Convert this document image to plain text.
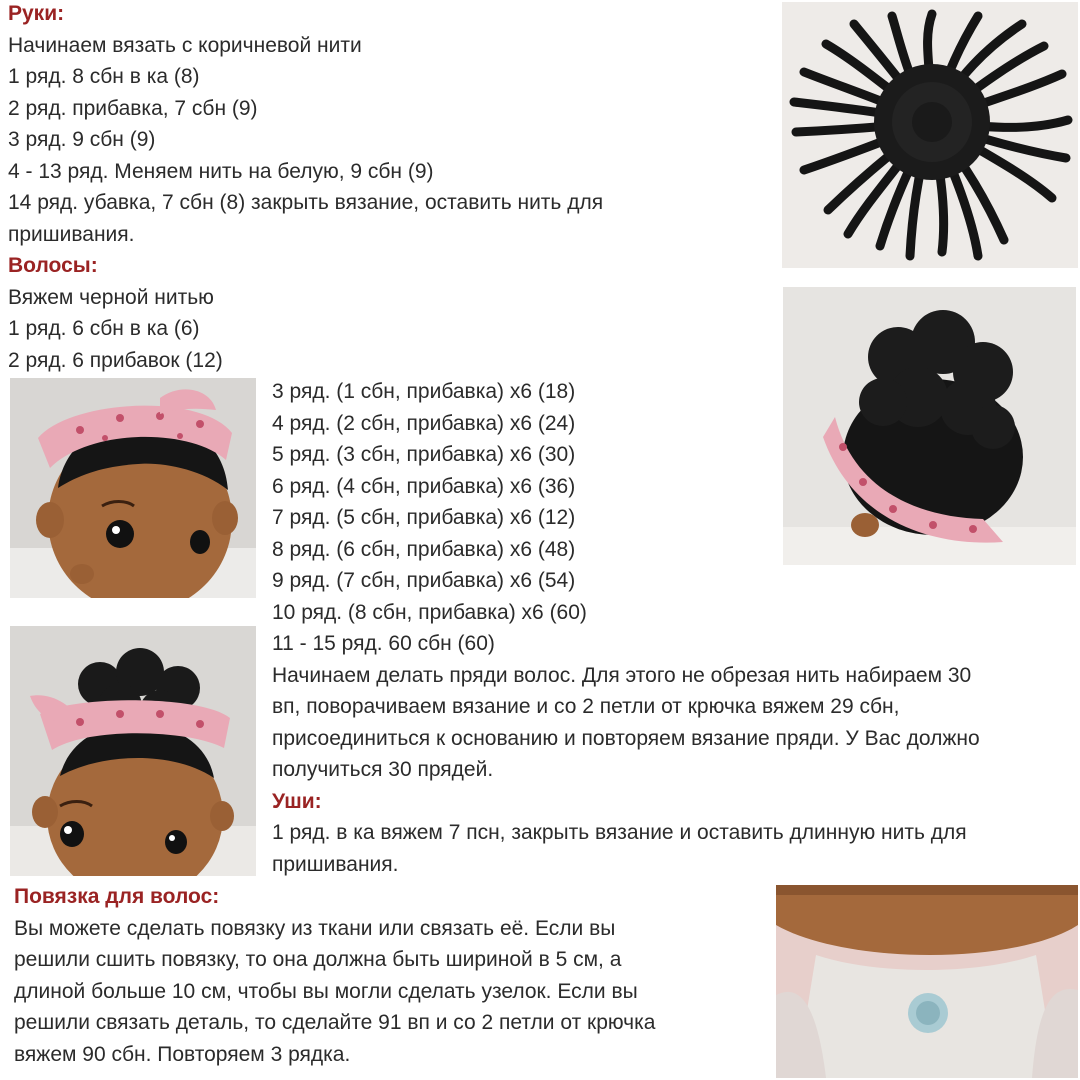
Руки:

Начинаем вязать с коричневой нити

1 ряд. 8 сбн в ка (8)

2 ряд. прибавка, 7 сбн (9)

3 ряд. 9 сбн (9)

4 - 13 ряд. Меняем нить на белую, 9 сбн (9)

14 ряд. убавка, 7 сбн (8) закрыть вязание, оставить нить для

пришивания.

Волосы:

Вяжем черной нитью

1 ряд. 6 сбн в ка (6)

2 ряд. 6 прибавок (12)

3 ряд. (1 сбн, прибавка) х6 (18)

4 ряд. (2 сбн, прибавка) х6 (24)

5 ряд. (3 сбн, прибавка) х6 (30)

6 ряд. (4 сбн, прибавка) х6 (36)

7 ряд. (5 сбн, прибавка) х6 (12)

8 ряд. (6 сбн, прибавка) х6 (48)

9 ряд. (7 сбн, прибавка) х6 (54)

10 ряд. (8 сбн, прибавка) х6 (60)

11 - 15 ряд. 60 сбн (60)

Начинаем делать пряди волос. Для этого не обрезая нить набираем 30

вп, поворачиваем вязание и со 2 петли от крючка вяжем 29 сбн,

присоединиться к основанию и повторяем вязание пряди. У Вас должно

получиться 30 прядей.

Уши:

1 ряд. в ка вяжем 7 псн, закрыть вязание и оставить длинную нить для

пришивания.

Повязка для волос:

Вы можете сделать повязку из ткани или связать её. Если вы

решили сшить повязку, то она должна быть шириной в 5 см, а

длиной больше 10 см, чтобы вы могли сделать узелок. Если вы

решили связать деталь, то сделайте 91 вп и со 2 петли от крючка

вяжем 90 сбн. Повторяем 3 рядка.
